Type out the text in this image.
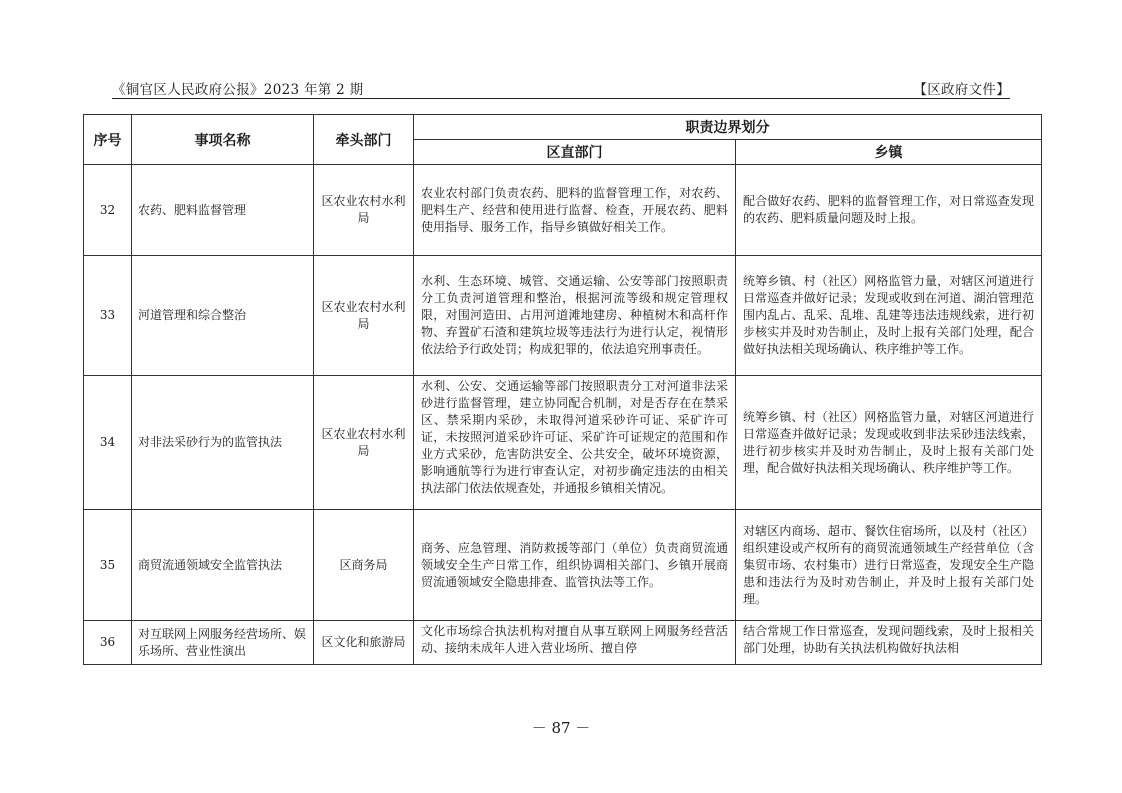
《铜官区人民政府公报》2023 年第 2 期	【区政府文件】
序号	事项名称	牵头部门	职责边界划分	
			区直部门	乡镇
32	农药、肥料监督管理	区农业农村水利局	农业农村部门负责农药、肥料的监督管理工作，对农药、肥料生产、经营和使用进行监督、检查，开展农药、肥料使用指导、服务工作，指导乡镇做好相关工作。	配合做好农药、肥料的监督管理工作，对日常巡查发现的农药、肥料质量问题及时上报。
33	河道管理和综合整治	区农业农村水利局	水利、生态环境、城管、交通运输、公安等部门按照职责分工负责河道管理和整治，根据河流等级和规定管理权限，对围河造田、占用河道滩地建房、种植树木和高杆作物、弃置矿石渣和建筑垃圾等违法行为进行认定，视情形依法给予行政处罚；构成犯罪的，依法追究刑事责任。	统筹乡镇、村（社区）网格监管力量，对辖区河道进行日常巡查并做好记录；发现或收到在河道、湖泊管理范围内乱占、乱采、乱堆、乱建等违法违规线索，进行初步核实并及时劝告制止，及时上报有关部门处理，配合做好执法相关现场确认、秩序维护等工作。
34	对非法采砂行为的监管执法	区农业农村水利局	水利、公安、交通运输等部门按照职责分工对河道非法采砂进行监督管理，建立协同配合机制，对是否存在在禁采区、禁采期内采砂，未取得河道采砂许可证、采矿许可证，未按照河道采砂许可证、采矿许可证规定的范围和作业方式采砂，危害防洪安全、公共安全，破坏环境资源，影响通航等行为进行审查认定，对初步确定违法的由相关执法部门依法依规查处，并通报乡镇相关情况。	统筹乡镇、村（社区）网格监管力量，对辖区河道进行日常巡查并做好记录；发现或收到非法采砂违法线索，进行初步核实并及时劝告制止，及时上报有关部门处理，配合做好执法相关现场确认、秩序维护等工作。
35	商贸流通领域安全监管执法	区商务局	商务、应急管理、消防救援等部门（单位）负责商贸流通领域安全生产日常工作，组织协调相关部门、乡镇开展商贸流通领域安全隐患排查、监管执法等工作。	对辖区内商场、超市、餐饮住宿场所，以及村（社区）组织建设或产权所有的商贸流通领域生产经营单位（含集贸市场、农村集市）进行日常巡查，发现安全生产隐患和违法行为及时劝告制止，并及时上报有关部门处理。
36	对互联网上网服务经营场所、娱乐场所、营业性演出	区文化和旅游局	文化市场综合执法机构对擅自从事互联网上网服务经营活动、接纳未成年人进入营业场所、擅自停	结合常规工作日常巡查，发现问题线索，及时上报相关部门处理，协助有关执法机构做好执法相
－ 87 －
